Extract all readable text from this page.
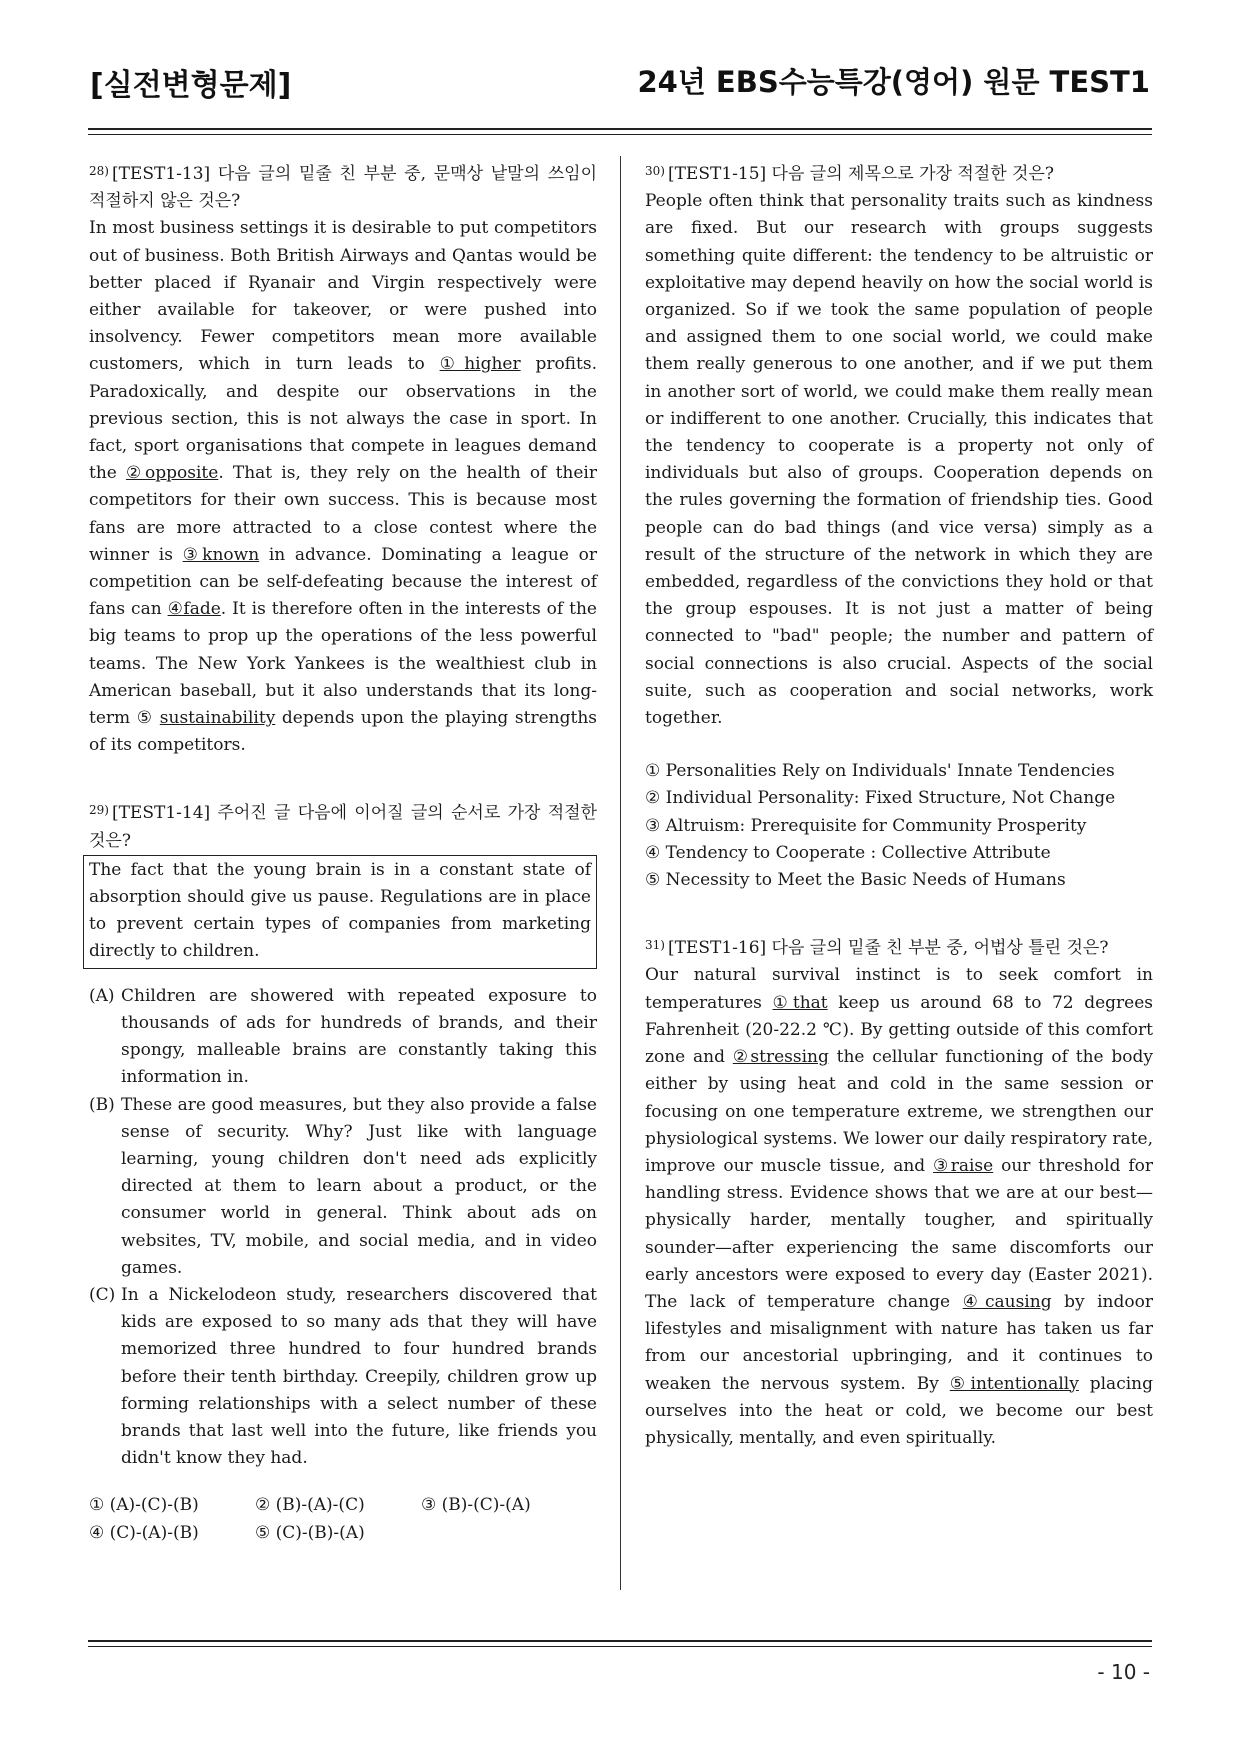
[실전변형문제]	24년 EBS수능특강(영어) 원문 TEST1

$^{28)}$ [TEST1-13] 다음 글의 밑줄 친 부분 중, 문맥상 낱말의 쓰임이 적절하지 않은 것은?

In most business settings it is desirable to put competitors out of business. Both British Airways and Qantas would be better placed if Ryanair and Virgin respectively were either available for takeover, or were pushed into insolvency. Fewer competitors mean more available customers, which in turn leads to ①higher profits. Paradoxically, and despite our observations in the previous section, this is not always the case in sport. In fact, sport organisations that compete in leagues demand the ②opposite. That is, they rely on the health of their competitors for their own success. This is because most fans are more attracted to a close contest where the winner is ③known in advance. Dominating a league or competition can be self-defeating because the interest of fans can ④fade. It is therefore often in the interests of the big teams to prop up the operations of the less powerful teams. The New York Yankees is the wealthiest club in American baseball, but it also understands that its long-term ⑤ sustainability depends upon the playing strengths of its competitors.

$^{29)}$ [TEST1-14] 주어진 글 다음에 이어질 글의 순서로 가장 적절한 것은?

The fact that the young brain is in a constant state of absorption should give us pause. Regulations are in place to prevent certain types of companies from marketing directly to children.
(A) Children are showered with repeated exposure to thousands of ads for hundreds of brands, and their spongy, malleable brains are constantly taking this information in.
(B) These are good measures, but they also provide a false sense of security. Why? Just like with language learning, young children don't need ads explicitly directed at them to learn about a product, or the consumer world in general. Think about ads on websites, TV, mobile, and social media, and in video games.
(C) In a Nickelodeon study, researchers discovered that kids are exposed to so many ads that they will have memorized three hundred to four hundred brands before their tenth birthday. Creepily, children grow up forming relationships with a select number of these brands that last well into the future, like friends you didn't know they had.
① (A)-(C)-(B)	② (B)-(A)-(C)	③ (B)-(C)-(A)
④ (C)-(A)-(B)	⑤ (C)-(B)-(A)

$^{30)}$ [TEST1-15] 다음 글의 제목으로 가장 적절한 것은?

People often think that personality traits such as kindness are fixed. But our research with groups suggests something quite different: the tendency to be altruistic or exploitative may depend heavily on how the social world is organized. So if we took the same population of people and assigned them to one social world, we could make them really generous to one another, and if we put them in another sort of world, we could make them really mean or indifferent to one another. Crucially, this indicates that the tendency to cooperate is a property not only of individuals but also of groups. Cooperation depends on the rules governing the formation of friendship ties. Good people can do bad things (and vice versa) simply as a result of the structure of the network in which they are embedded, regardless of the convictions they hold or that the group espouses. It is not just a matter of being connected to "bad" people; the number and pattern of social connections is also crucial. Aspects of the social suite, such as cooperation and social networks, work together.

① Personalities Rely on Individuals' Innate Tendencies

② Individual Personality: Fixed Structure, Not Change

③ Altruism: Prerequisite for Community Prosperity

④ Tendency to Cooperate : Collective Attribute

⑤ Necessity to Meet the Basic Needs of Humans

$^{31)}$ [TEST1-16] 다음 글의 밑줄 친 부분 중, 어법상 틀린 것은?

Our natural survival instinct is to seek comfort in temperatures ①that keep us around 68 to 72 degrees Fahrenheit (20-22.2 ℃). By getting outside of this comfort zone and ②stressing the cellular functioning of the body either by using heat and cold in the same session or focusing on one temperature extreme, we strengthen our physiological systems. We lower our daily respiratory rate, improve our muscle tissue, and ③raise our threshold for handling stress. Evidence shows that we are at our best—physically harder, mentally tougher, and spiritually sounder—after experiencing the same discomforts our early ancestors were exposed to every day (Easter 2021). The lack of temperature change ④causing by indoor lifestyles and misalignment with nature has taken us far from our ancestorial upbringing, and it continues to weaken the nervous system. By ⑤intentionally placing ourselves into the heat or cold, we become our best physically, mentally, and even spiritually.

- 10 -
